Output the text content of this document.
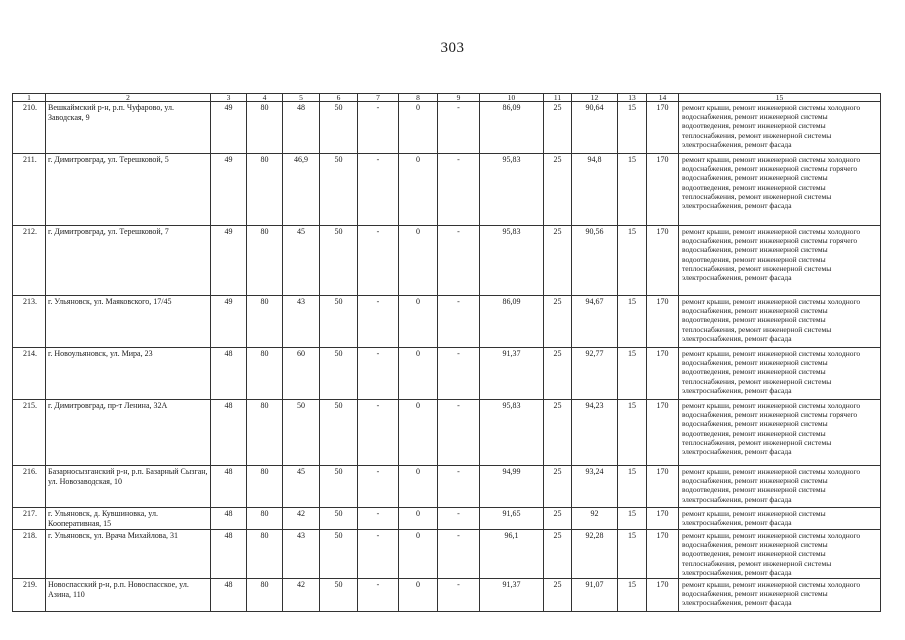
303
1	2	3	4	5	6	7	8	9	10	11	12	13	14	15
210.	Вешкаймский р-н, р.п. Чуфарово, ул. Заводская, 9	49	80	48	50	-	0	-	86,09	25	90,64	15	170	ремонт крыши, ремонт инженерной системы холодного водоснабжения, ремонт инженерной системы водоотведения, ремонт инженерной системы теплоснабжения, ремонт инженерной системы электроснабжения, ремонт фасада
211.	г. Димитровград, ул. Терешковой, 5	49	80	46,9	50	-	0	-	95,83	25	94,8	15	170	ремонт крыши, ремонт инженерной системы холодного водоснабжения, ремонт инженерной системы горячего водоснабжения, ремонт инженерной системы водоотведения, ремонт инженерной системы теплоснабжения, ремонт инженерной системы электроснабжения, ремонт фасада
212.	г. Димитровград, ул. Терешковой, 7	49	80	45	50	-	0	-	95,83	25	90,56	15	170	ремонт крыши, ремонт инженерной системы холодного водоснабжения, ремонт инженерной системы горячего водоснабжения, ремонт инженерной системы водоотведения, ремонт инженерной системы теплоснабжения, ремонт инженерной системы электроснабжения, ремонт фасада
213.	г. Ульяновск, ул. Маяковского, 17/45	49	80	43	50	-	0	-	86,09	25	94,67	15	170	ремонт крыши, ремонт инженерной системы холодного водоснабжения, ремонт инженерной системы водоотведения, ремонт инженерной системы теплоснабжения, ремонт инженерной системы электроснабжения, ремонт фасада
214.	г. Новоульяновск, ул. Мира, 23	48	80	60	50	-	0	-	91,37	25	92,77	15	170	ремонт крыши, ремонт инженерной системы холодного водоснабжения, ремонт инженерной системы водоотведения, ремонт инженерной системы теплоснабжения, ремонт инженерной системы электроснабжения, ремонт фасада
215.	г. Димитровград, пр-т Ленина, 32А	48	80	50	50	-	0	-	95,83	25	94,23	15	170	ремонт крыши, ремонт инженерной системы холодного водоснабжения, ремонт инженерной системы горячего водоснабжения, ремонт инженерной системы водоотведения, ремонт инженерной системы теплоснабжения, ремонт инженерной системы электроснабжения, ремонт фасада
216.	Базарносызганский р-н, р.п. Базарный Сызган, ул. Новозаводская, 10	48	80	45	50	-	0	-	94,99	25	93,24	15	170	ремонт крыши, ремонт инженерной системы холодного водоснабжения, ремонт инженерной системы водоотведения, ремонт инженерной системы электроснабжения, ремонт фасада
217.	г. Ульяновск, д. Кувшиновка, ул. Кооперативная, 15	48	80	42	50	-	0	-	91,65	25	92	15	170	ремонт крыши, ремонт инженерной системы электроснабжения, ремонт фасада
218.	г. Ульяновск, ул. Врача Михайлова, 31	48	80	43	50	-	0	-	96,1	25	92,28	15	170	ремонт крыши, ремонт инженерной системы холодного водоснабжения, ремонт инженерной системы водоотведения, ремонт инженерной системы теплоснабжения, ремонт инженерной системы электроснабжения, ремонт фасада
219.	Новоспасский р-н, р.п. Новоспасское, ул. Азина, 110	48	80	42	50	-	0	-	91,37	25	91,07	15	170	ремонт крыши, ремонт инженерной системы холодного водоснабжения, ремонт инженерной системы электроснабжения, ремонт фасада
